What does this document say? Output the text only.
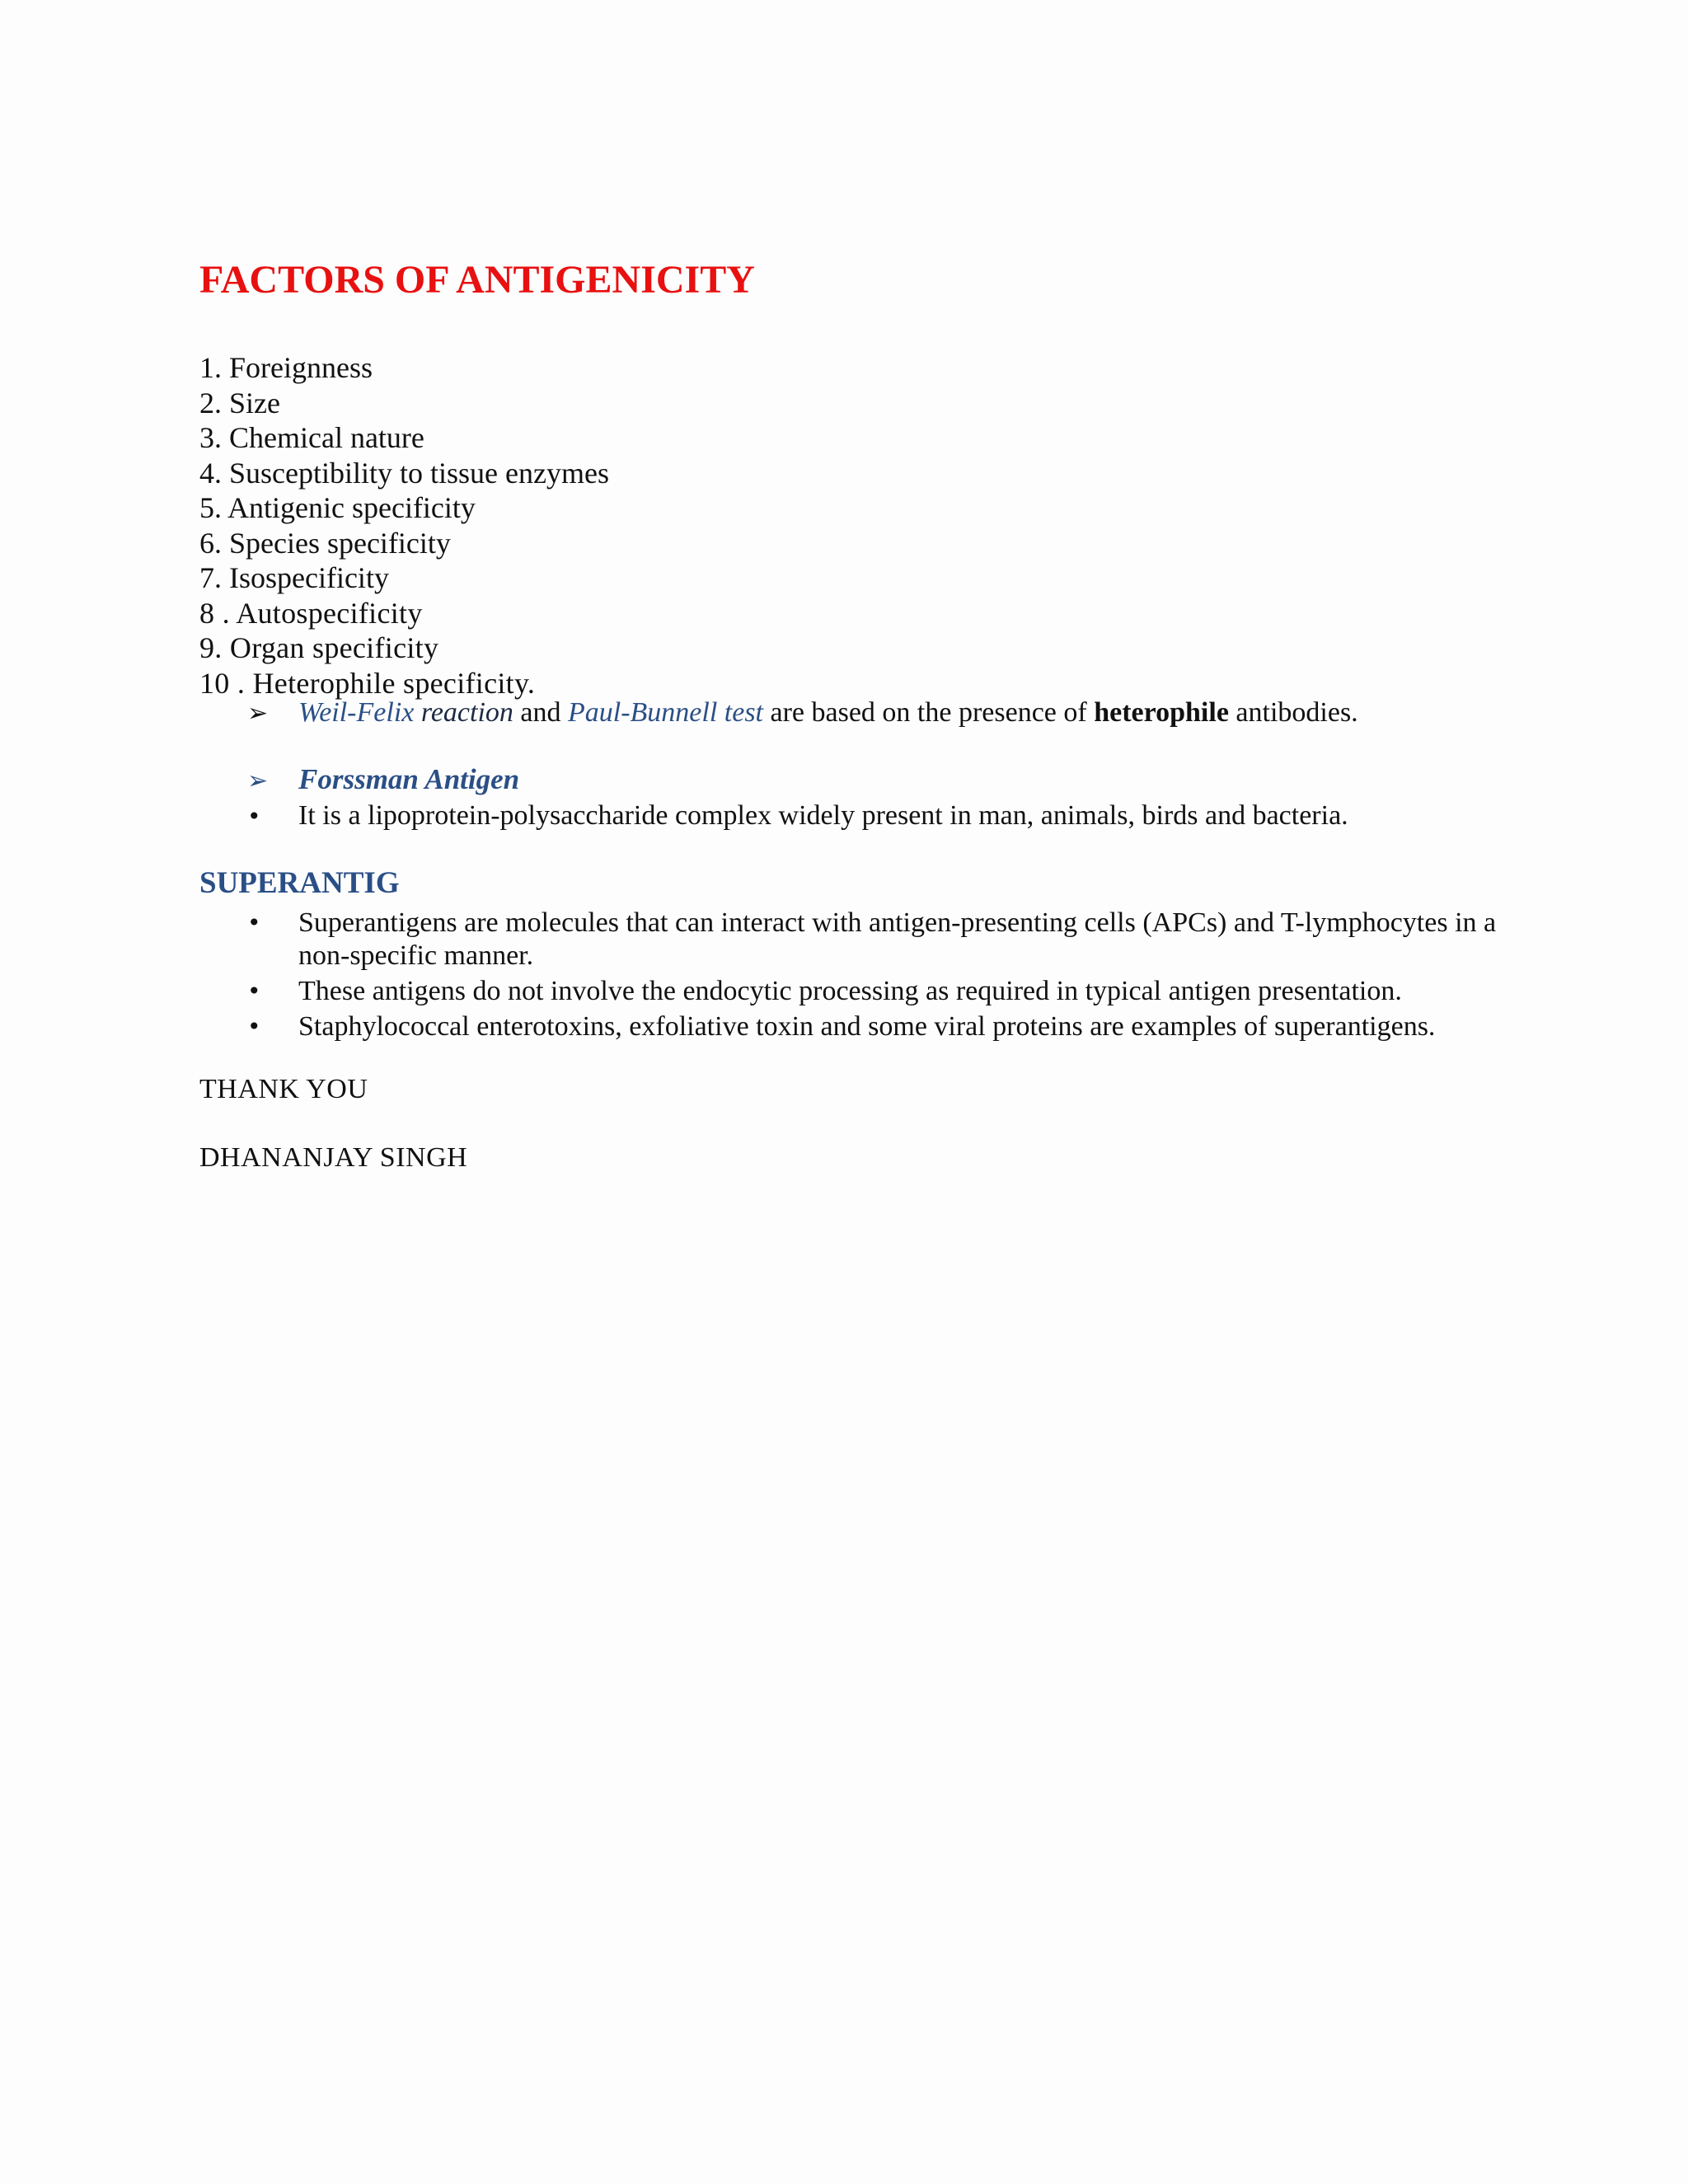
FACTORS OF ANTIGENICITY
1. Foreignness
2. Size
3. Chemical nature
4. Susceptibility to tissue enzymes
5. Antigenic specificity
6. Species specificity
7. Isospecificity
8 . Autospecificity
9. Organ specificity
10 . Heterophile specificity.
➢ Weil-Felix reaction and Paul-Bunnell test are based on the presence of heterophile antibodies.
➢ Forssman Antigen
• It is a lipoprotein-polysaccharide complex widely present in man, animals, birds and bacteria.
SUPERANTIG
•	Superantigens are molecules that can interact with antigen-presenting cells (APCs) and T-lymphocytes in a non-specific manner.
•	These antigens do not involve the endocytic processing as required in typical antigen presentation.
•	Staphylococcal enterotoxins, exfoliative toxin and some viral proteins are examples of superantigens.

THANK YOU

DHANANJAY SINGH
